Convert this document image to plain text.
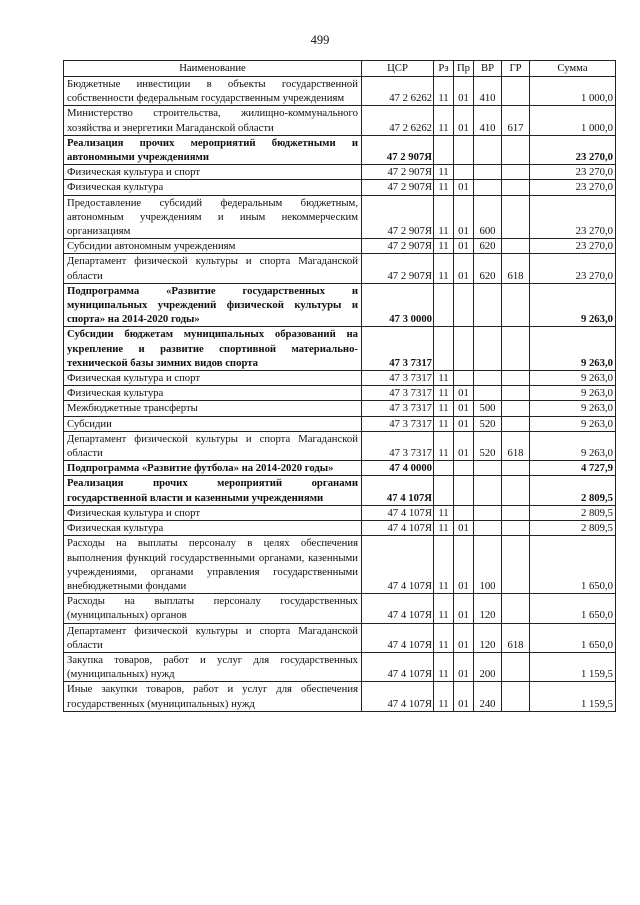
499
Наименование	ЦСР	Рз	Пр	ВР	ГР	Сумма
Бюджетные инвестиции в объекты государственной собственности федеральным государственным учреждениям	47 2 6262	11	01	410		1 000,0
Министерство строительства, жилищно-коммунального хозяйства и энергетики Магаданской области	47 2 6262	11	01	410	617	1 000,0
Реализация прочих мероприятий бюджетными и автономными учреждениями	47 2 907Я					23 270,0
Физическая культура и спорт	47 2 907Я	11				23 270,0
Физическая культура	47 2 907Я	11	01			23 270,0
Предоставление субсидий федеральным бюджетным, автономным учреждениям и иным некоммерческим организациям	47 2 907Я	11	01	600		23 270,0
Субсидии автономным учреждениям	47 2 907Я	11	01	620		23 270,0
Департамент физической культуры и спорта Магаданской области	47 2 907Я	11	01	620	618	23 270,0
Подпрограмма «Развитие государственных и муниципальных учреждений физической культуры и спорта» на 2014-2020 годы»	47 3 0000					9 263,0
Субсидии бюджетам муниципальных образований на укрепление и развитие спортивной материально-технической базы зимних видов спорта	47 3 7317					9 263,0
Физическая культура и спорт	47 3 7317	11				9 263,0
Физическая культура	47 3 7317	11	01			9 263,0
Межбюджетные трансферты	47 3 7317	11	01	500		9 263,0
Субсидии	47 3 7317	11	01	520		9 263,0
Департамент физической культуры и спорта Магаданской области	47 3 7317	11	01	520	618	9 263,0
Подпрограмма «Развитие футбола» на 2014-2020 годы»	47 4 0000					4 727,9
Реализация прочих мероприятий органами государственной власти и казенными учреждениями	47 4 107Я					2 809,5
Физическая культура и спорт	47 4 107Я	11				2 809,5
Физическая культура	47 4 107Я	11	01			2 809,5
Расходы на выплаты персоналу в целях обеспечения выполнения функций государственными органами, казенными учреждениями, органами управления государственными внебюджетными фондами	47 4 107Я	11	01	100		1 650,0
Расходы на выплаты персоналу государственных (муниципальных) органов	47 4 107Я	11	01	120		1 650,0
Департамент физической культуры и спорта Магаданской области	47 4 107Я	11	01	120	618	1 650,0
Закупка товаров, работ и услуг для государственных (муниципальных) нужд	47 4 107Я	11	01	200		1 159,5
Иные закупки товаров, работ и услуг для обеспечения государственных (муниципальных) нужд	47 4 107Я	11	01	240		1 159,5
